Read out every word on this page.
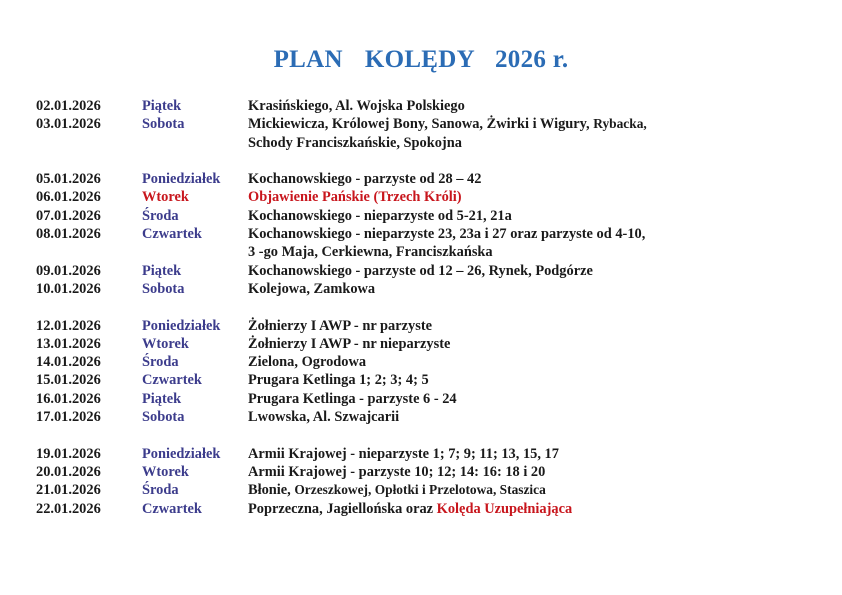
PLAN KOLĘDY 2026 r.
02.01.2026	Piątek	Krasińskiego, Al. Wojska Polskiego
03.01.2026	Sobota	Mickiewicza, Królowej Bony, Sanowa, Żwirki i Wigury, Rybacka,
Schody Franciszkańskie, Spokojna
05.01.2026	Poniedziałek Kochanowskiego - parzyste od 28 – 42
06.01.2026	Wtorek	Objawienie Pańskie (Trzech Króli)
07.01.2026	Środa	Kochanowskiego - nieparzyste od 5-21, 21a
08.01.2026	Czwartek	Kochanowskiego - nieparzyste 23, 23a i 27 oraz parzyste od 4-10,
3 -go Maja, Cerkiewna, Franciszkańska
09.01.2026	Piątek	Kochanowskiego - parzyste od 12 – 26, Rynek, Podgórze
10.01.2026	Sobota	Kolejowa, Zamkowa
12.01.2026	Poniedziałek Żołnierzy I AWP - nr parzyste
13.01.2026	Wtorek	Żołnierzy I AWP - nr nieparzyste
14.01.2026	Środa	Zielona, Ogrodowa
15.01.2026	Czwartek	Prugara Ketlinga 1; 2; 3; 4; 5
16.01.2026	Piątek	Prugara Ketlinga - parzyste 6 - 24
17.01.2026	Sobota	Lwowska, Al. Szwajcarii
19.01.2026	Poniedziałek Armii Krajowej - nieparzyste 1; 7; 9; 11; 13, 15, 17
20.01.2026	Wtorek	Armii Krajowej - parzyste 10; 12; 14: 16: 18 i 20
21.01.2026	Środa	Błonie, Orzeszkowej, Opłotki i Przelotowa, Staszica
22.01.2026	Czwartek	Poprzeczna, Jagiellońska oraz Kolęda Uzupełniająca
